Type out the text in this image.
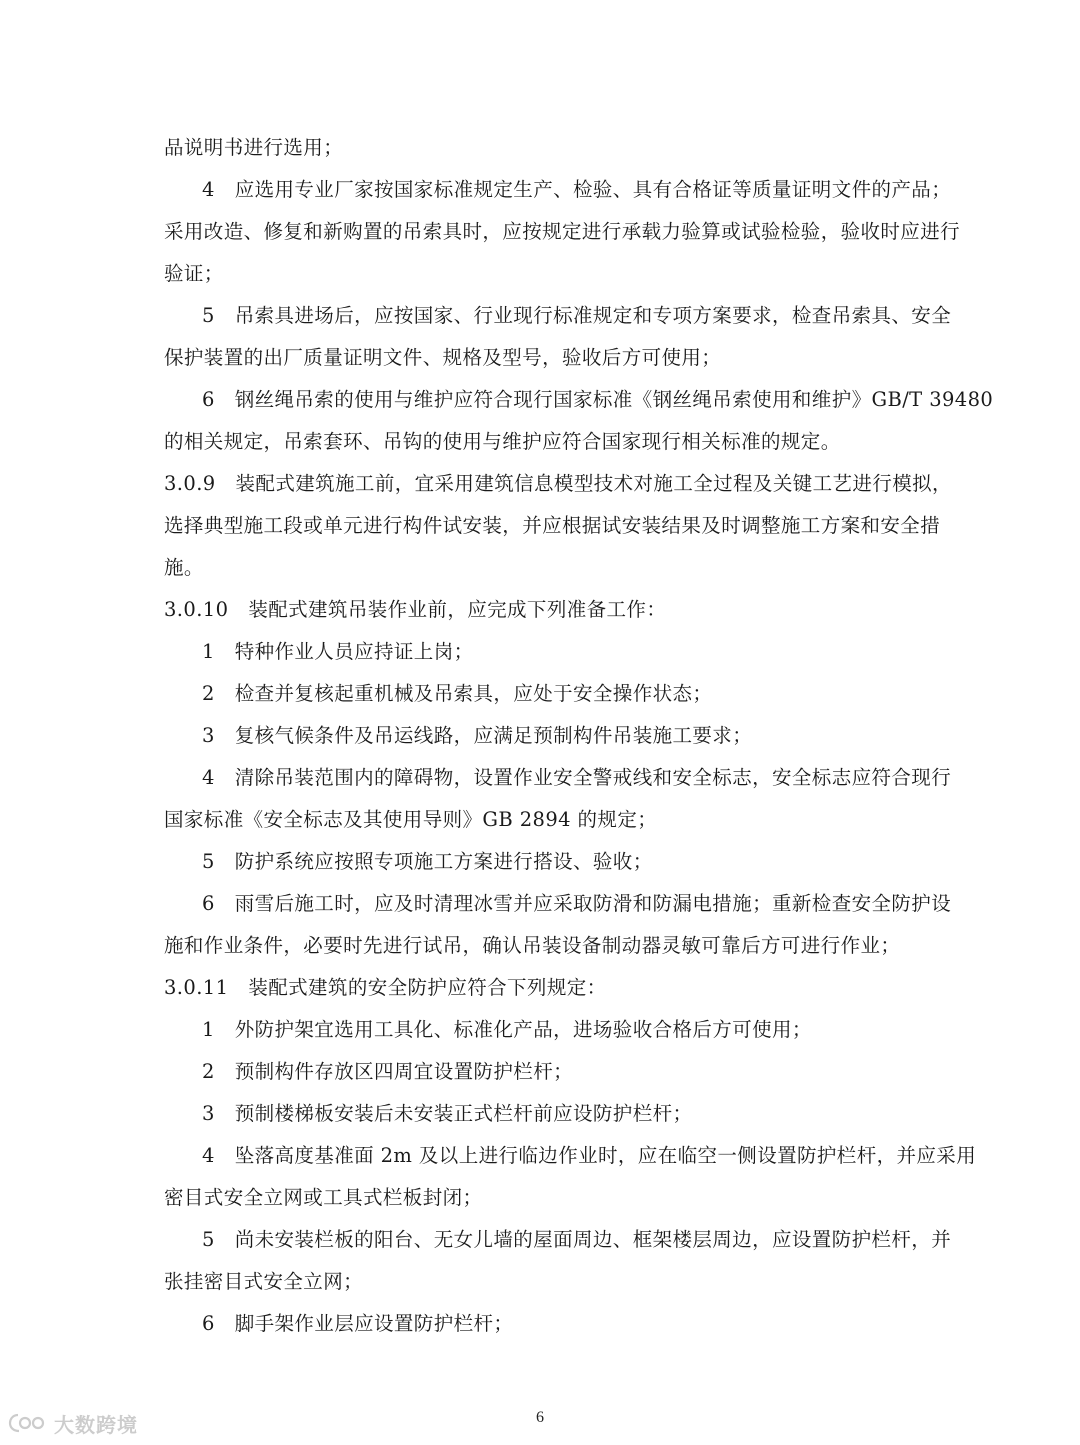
品说明书进行选用；
4　应选用专业厂家按国家标准规定生产、检验、具有合格证等质量证明文件的产品；
采用改造、修复和新购置的吊索具时，应按规定进行承载力验算或试验检验，验收时应进行
验证；
5　吊索具进场后，应按国家、行业现行标准规定和专项方案要求，检查吊索具、安全
保护装置的出厂质量证明文件、规格及型号，验收后方可使用；
6　钢丝绳吊索的使用与维护应符合现行国家标准《钢丝绳吊索使用和维护》GB/T 39480
的相关规定，吊索套环、吊钩的使用与维护应符合国家现行相关标准的规定。
3.0.9　装配式建筑施工前，宜采用建筑信息模型技术对施工全过程及关键工艺进行模拟，
选择典型施工段或单元进行构件试安装，并应根据试安装结果及时调整施工方案和安全措
施。
3.0.10　装配式建筑吊装作业前，应完成下列准备工作：
1　特种作业人员应持证上岗；
2　检查并复核起重机械及吊索具，应处于安全操作状态；
3　复核气候条件及吊运线路，应满足预制构件吊装施工要求；
4　清除吊装范围内的障碍物，设置作业安全警戒线和安全标志，安全标志应符合现行
国家标准《安全标志及其使用导则》GB 2894 的规定；
5　防护系统应按照专项施工方案进行搭设、验收；
6　雨雪后施工时，应及时清理冰雪并应采取防滑和防漏电措施；重新检查安全防护设
施和作业条件，必要时先进行试吊，确认吊装设备制动器灵敏可靠后方可进行作业；
3.0.11　装配式建筑的安全防护应符合下列规定：
1　外防护架宜选用工具化、标准化产品，进场验收合格后方可使用；
2　预制构件存放区四周宜设置防护栏杆；
3　预制楼梯板安装后未安装正式栏杆前应设防护栏杆；
4　坠落高度基准面 2m 及以上进行临边作业时，应在临空一侧设置防护栏杆，并应采用
密目式安全立网或工具式栏板封闭；
5　尚未安装栏板的阳台、无女儿墙的屋面周边、框架楼层周边，应设置防护栏杆，并
张挂密目式安全立网；
6　脚手架作业层应设置防护栏杆；
6
大数跨境
